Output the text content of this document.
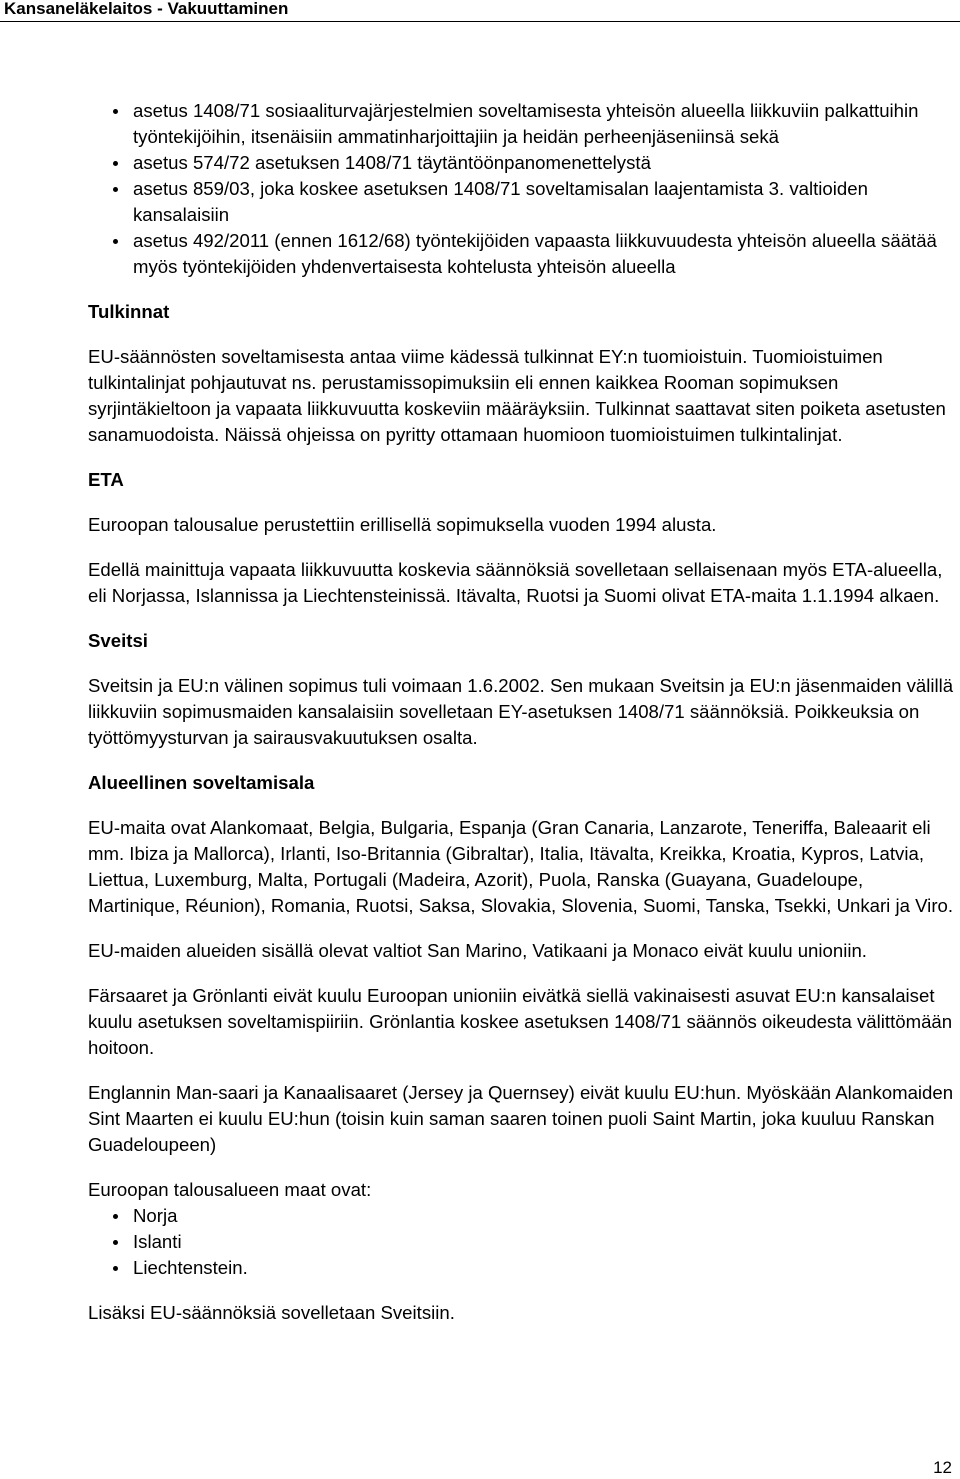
Kansaneläkelaitos - Vakuuttaminen
asetus 1408/71 sosiaaliturvajärjestelmien soveltamisesta yhteisön alueella liikkuviin palkattuihin työntekijöihin, itsenäisiin ammatinharjoittajiin ja heidän perheenjäseniinsä sekä
asetus 574/72 asetuksen 1408/71 täytäntöönpanomenettelystä
asetus 859/03, joka koskee asetuksen 1408/71 soveltamisalan laajentamista 3. valtioiden kansalaisiin
asetus 492/2011 (ennen 1612/68) työntekijöiden vapaasta liikkuvuudesta yhteisön alueella säätää myös työntekijöiden yhdenvertaisesta kohtelusta yhteisön alueella

Tulkinnat

EU-säännösten soveltamisesta antaa viime kädessä tulkinnat EY:n tuomioistuin. Tuomioistuimen tulkintalinjat pohjautuvat ns. perustamissopimuksiin eli ennen kaikkea Rooman sopimuksen syrjintäkieltoon ja vapaata liikkuvuutta koskeviin määräyksiin. Tulkinnat saattavat siten poiketa asetusten sanamuodoista. Näissä ohjeissa on pyritty ottamaan huomioon tuomioistuimen tulkintalinjat.

ETA

Euroopan talousalue perustettiin erillisellä sopimuksella vuoden 1994 alusta.

Edellä mainittuja vapaata liikkuvuutta koskevia säännöksiä sovelletaan sellaisenaan myös ETA-alueella, eli Norjassa, Islannissa ja Liechtensteinissä. Itävalta, Ruotsi ja Suomi olivat ETA-maita 1.1.1994 alkaen.

Sveitsi

Sveitsin ja EU:n välinen sopimus tuli voimaan 1.6.2002. Sen mukaan Sveitsin ja EU:n jäsenmaiden välillä liikkuviin sopimusmaiden kansalaisiin sovelletaan EY-asetuksen 1408/71 säännöksiä. Poikkeuksia on työttömyysturvan ja sairausvakuutuksen osalta.

Alueellinen soveltamisala

EU-maita ovat Alankomaat, Belgia, Bulgaria, Espanja (Gran Canaria, Lanzarote, Teneriffa, Baleaarit eli mm. Ibiza ja Mallorca), Irlanti, Iso-Britannia (Gibraltar), Italia, Itävalta, Kreikka, Kroatia, Kypros, Latvia, Liettua, Luxemburg, Malta, Portugali (Madeira, Azorit), Puola, Ranska (Guayana, Guadeloupe, Martinique, Réunion), Romania, Ruotsi, Saksa, Slovakia, Slovenia, Suomi, Tanska, Tsekki, Unkari ja Viro.

EU-maiden alueiden sisällä olevat valtiot San Marino, Vatikaani ja Monaco eivät kuulu unioniin.

Färsaaret ja Grönlanti eivät kuulu Euroopan unioniin eivätkä siellä vakinaisesti asuvat EU:n kansalaiset kuulu asetuksen soveltamispiiriin. Grönlantia koskee asetuksen 1408/71 säännös oikeudesta välittömään hoitoon.

Englannin Man-saari ja Kanaalisaaret (Jersey ja Quernsey) eivät kuulu EU:hun. Myöskään Alankomaiden Sint Maarten ei kuulu EU:hun (toisin kuin saman saaren toinen puoli Saint Martin, joka kuuluu Ranskan Guadeloupeen)

Euroopan talousalueen maat ovat:

Norja
Islanti
Liechtenstein.

Lisäksi EU-säännöksiä sovelletaan Sveitsiin.

12
